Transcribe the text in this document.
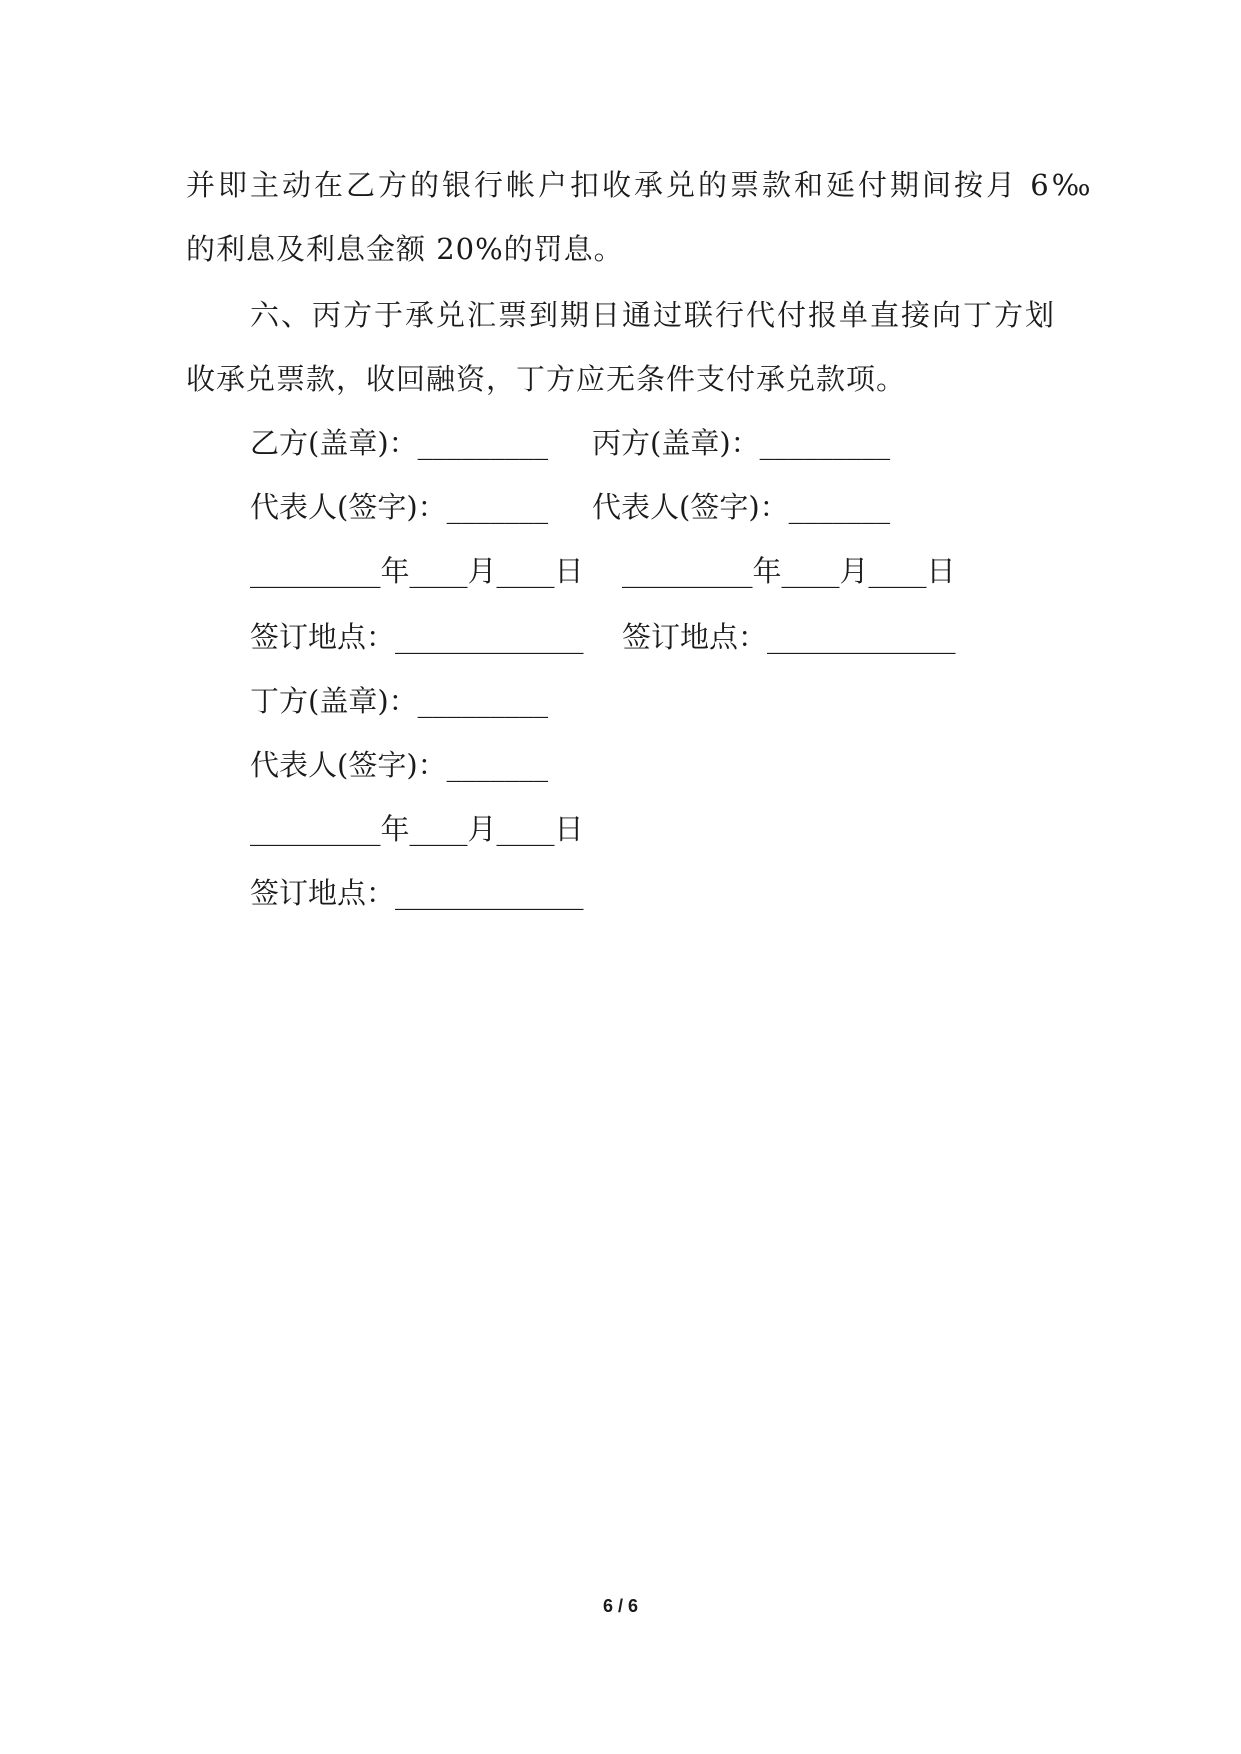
并即主动在乙方的银行帐户扣收承兑的票款和延付期间按月 6‰
的利息及利息金额 20%的罚息。
六、丙方于承兑汇票到期日通过联行代付报单直接向丁方划
收承兑票款，收回融资，丁方应无条件支付承兑款项。
乙方(盖章)：_________	丙方(盖章)：_________
代表人(签字)：_______	代表人(签字)：_______
_________年____月____日	_________年____月____日
签订地点：_____________	签订地点：_____________
丁方(盖章)：_________
代表人(签字)：_______
_________年____月____日
签订地点：_____________
6 / 6
